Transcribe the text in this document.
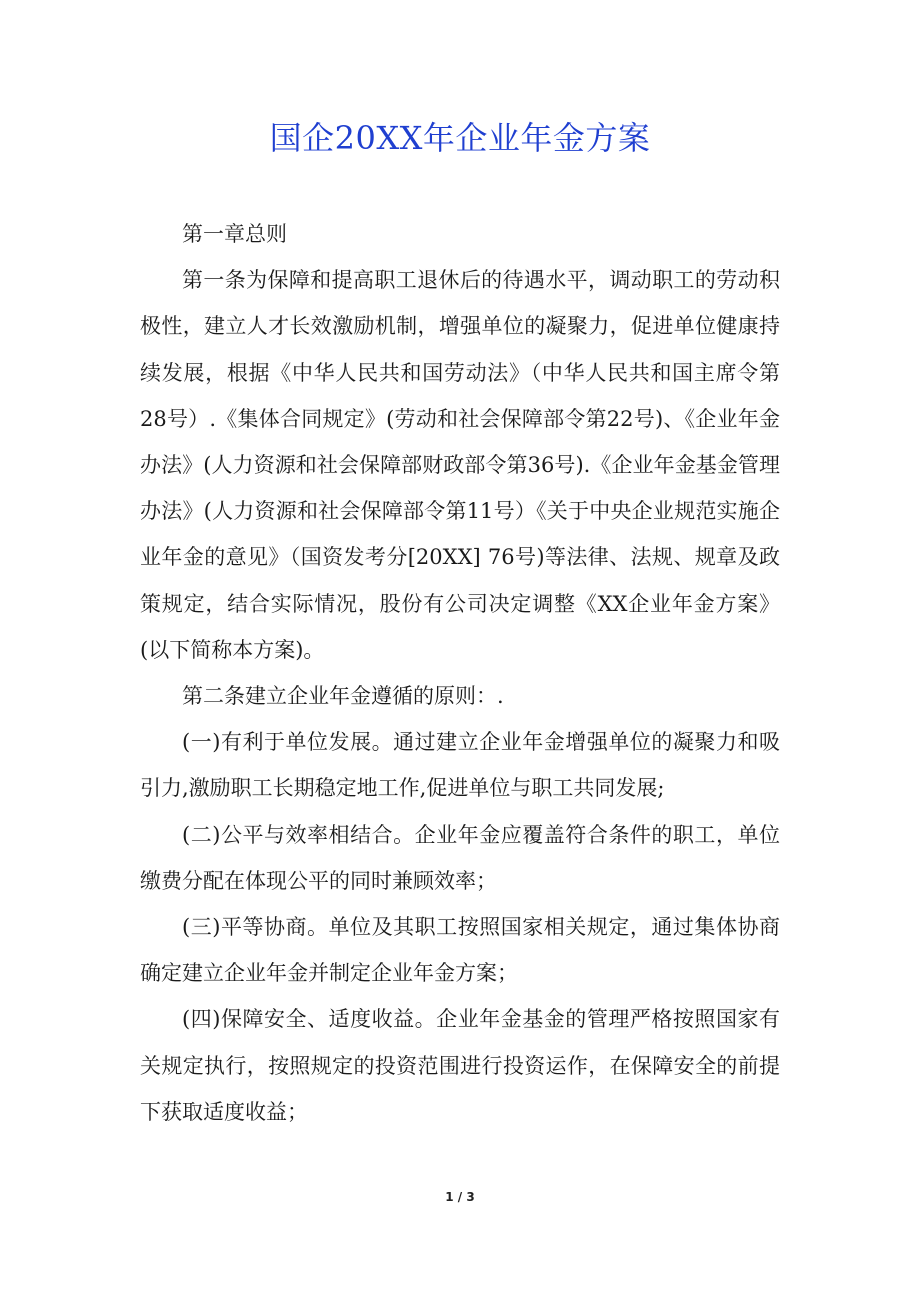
国企20XX年企业年金方案

第一章总则

第一条为保障和提高职工退休后的待遇水平，调动职工的劳动积极性，建立人才长效激励机制，增强单位的凝聚力，促进单位健康持续发展，根据《中华人民共和国劳动法》（中华人民共和国主席令第28号）.《集体合同规定》(劳动和社会保障部令第22号)、《企业年金办法》(人力资源和社会保障部财政部令第36号).《企业年金基金管理办法》(人力资源和社会保障部令第11号）《关于中央企业规范实施企业年金的意见》（国资发考分[20XX] 76号)等法律、法规、规章及政策规定，结合实际情况，股份有公司决定调整《XX企业年金方案》(以下简称本方案)。

第二条建立企业年金遵循的原则：.

(一)有利于单位发展。通过建立企业年金增强单位的凝聚力和吸引力,激励职工长期稳定地工作,促进单位与职工共同发展;

(二)公平与效率相结合。企业年金应覆盖符合条件的职工，单位缴费分配在体现公平的同时兼顾效率；

(三)平等协商。单位及其职工按照国家相关规定，通过集体协商确定建立企业年金并制定企业年金方案；

(四)保障安全、适度收益。企业年金基金的管理严格按照国家有关规定执行，按照规定的投资范围进行投资运作，在保障安全的前提下获取适度收益；

1 / 3
